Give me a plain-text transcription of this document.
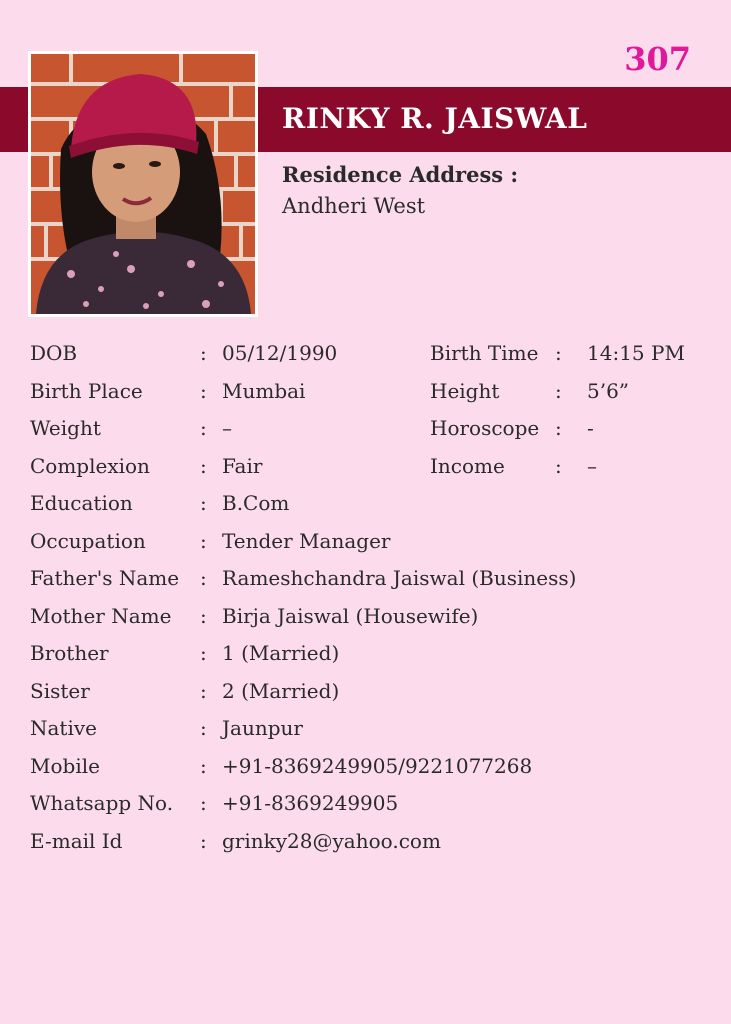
307
RINKY R. JAISWAL
Residence Address :
Andheri West
DOB	: 05/12/1990	Birth Time : 14:15 PM
Birth Place	: Mumbai	Height	: 5’6”
Weight	: –	Horoscope : -
Complexion	: Fair	Income	: –
Education	: B.Com
Occupation	: Tender Manager
Father's Name : Rameshchandra Jaiswal (Business)
Mother Name : Birja Jaiswal (Housewife)
Brother	: 1 (Married)
Sister	: 2 (Married)
Native	: Jaunpur
Mobile	: +91-8369249905/9221077268
Whatsapp No. : +91-8369249905
E-mail Id	: grinky28@yahoo.com
